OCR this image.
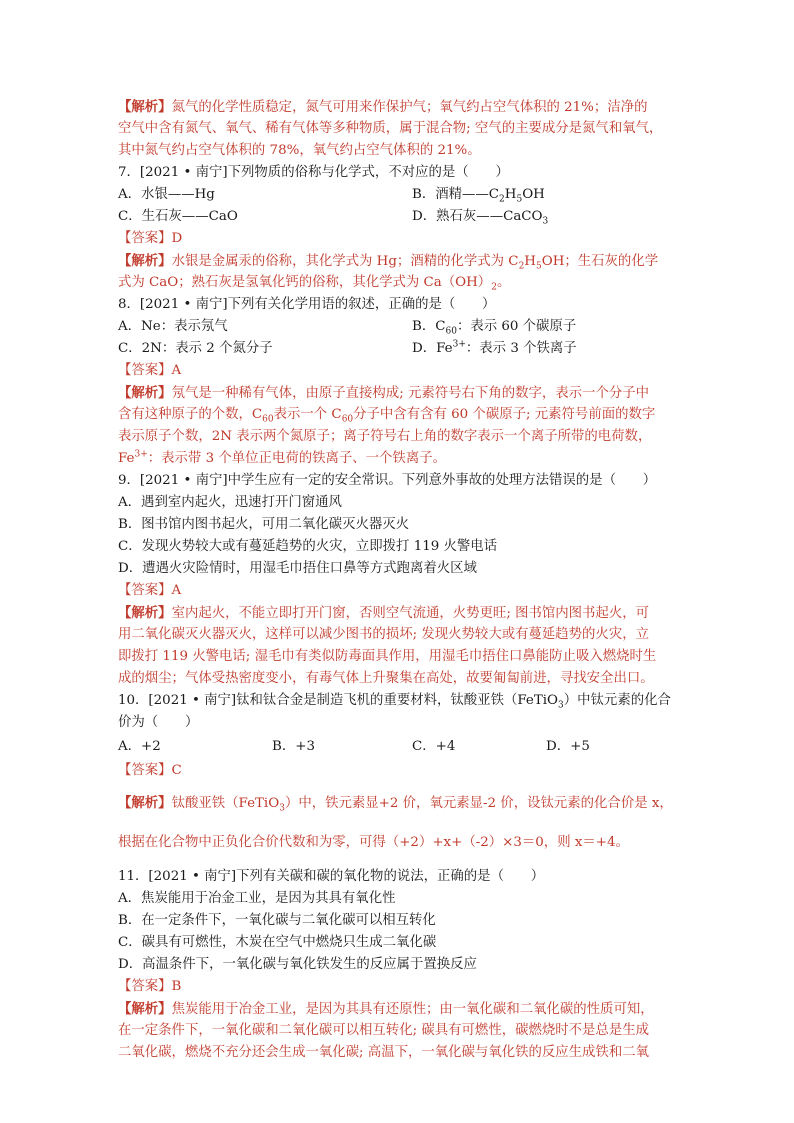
【解析】氮气的化学性质稳定，氮气可用来作保护气；氧气约占空气体积的 21%；洁净的
空气中含有氮气、氧气、稀有气体等多种物质，属于混合物; 空气的主要成分是氮气和氧气，
其中氮气约占空气体积的 78%，氧气约占空气体积的 21%。
7．[2021 • 南宁]下列物质的俗称与化学式，不对应的是（　　）
A．水银——Hg	B．酒精$——C_2H_5OH$
C．生石灰——CaO	D．熟石灰——CaCO$_3$
【答案】D
【解析】水银是金属汞的俗称，其化学式为 Hg；酒精的化学式为 $C_2H_5OH$；生石灰的化学
式为 CaO；熟石灰是氢氧化钙的俗称，其化学式为 $Ca(OH)_2$。
8．[2021 • 南宁]下列有关化学用语的叙述，正确的是（　　）
A．Ne：表示氖气	B．$C_{60}$：表示 60 个碳原子
C．2N：表示 2 个氮分子	D．$Fe^{3+}$：表示 3 个铁离子
【答案】A
【解析】氖气是一种稀有气体，由原子直接构成; 元素符号右下角的数字，表示一个分子中
含有这种原子的个数，$C_{60}$表示一个 $C_{60}$分子中含有含有 60 个碳原子; 元素符号前面的数字
表示原子个数，2N 表示两个氮原子；离子符号右上角的数字表示一个离子所带的电荷数，
$Fe^{3+}$：表示带 3 个单位正电荷的铁离子、一个铁离子。
9．[2021 • 南宁]中学生应有一定的安全常识。下列意外事故的处理方法错误的是（　　）
A．遇到室内起火，迅速打开门窗通风
B．图书馆内图书起火，可用二氧化碳灭火器灭火
C．发现火势较大或有蔓延趋势的火灾，立即拨打 119 火警电话
D．遭遇火灾险情时，用湿毛巾捂住口鼻等方式跑离着火区域
【答案】A
【解析】室内起火，不能立即打开门窗，否则空气流通，火势更旺; 图书馆内图书起火，可
用二氧化碳灭火器灭火，这样可以减少图书的损坏; 发现火势较大或有蔓延趋势的火灾，立
即拨打 119 火警电话; 湿毛巾有类似防毒面具作用，用湿毛巾捂住口鼻能防止吸入燃烧时生
成的烟尘；气体受热密度变小，有毒气体上升聚集在高处，故要匍匐前进，寻找安全出口。
10．[2021 • 南宁]钛和钛合金是制造飞机的重要材料，钛酸亚铁（FeTiO$_3$）中钛元素的化合
价为（　　）
A．+2	B．+3	C．+4	D．+5
【答案】C
【解析】钛酸亚铁（FeTiO$_3$）中，铁元素显+2 价，氧元素显-2 价，设钛元素的化合价是 x，
根据在化合物中正负化合价代数和为零，可得（+2）+x+（-2）×3＝0，则 x＝+4。
11．[2021 • 南宁]下列有关碳和碳的氧化物的说法，正确的是（　　）
A．焦炭能用于冶金工业，是因为其具有氧化性
B．在一定条件下，一氧化碳与二氧化碳可以相互转化
C．碳具有可燃性，木炭在空气中燃烧只生成二氧化碳
D．高温条件下，一氧化碳与氧化铁发生的反应属于置换反应
【答案】B
【解析】焦炭能用于冶金工业，是因为其具有还原性；由一氧化碳和二氧化碳的性质可知，
在一定条件下，一氧化碳和二氧化碳可以相互转化; 碳具有可燃性，碳燃烧时不是总是生成
二氧化碳，燃烧不充分还会生成一氧化碳; 高温下，一氧化碳与氧化铁的反应生成铁和二氧
